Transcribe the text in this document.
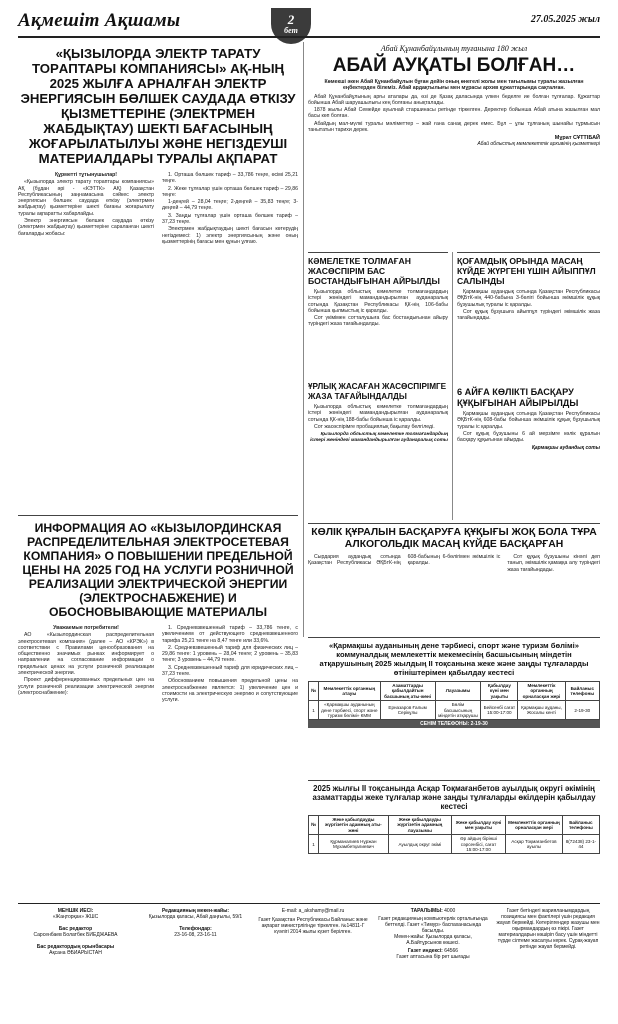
Ақмешіт Ақшамы	27.05.2025 жыл
2
бет
«ҚЫЗЫЛОРДА ЭЛЕКТР ТАРАТУ ТОРAПТАРЫ КОМПАНИЯСЫ» АҚ-НЫҢ 2025 ЖЫЛҒА АРНАЛҒАН ЭЛЕКТР ЭНЕРГИЯСЫН БӨЛШЕК САУДАДА ӨТКІЗУ ҚЫЗМЕТТЕРІНЕ (ЭЛЕКТРМЕН ЖАБДЫҚТАУ) ШЕКТІ БАҒАСЫНЫҢ ЖОҒАРЫЛАТЫЛУЫ ЖӘНЕ НЕГІЗДЕУШІ МАТЕРИАЛДАРЫ ТУРАЛЫ АҚПАРАТ

Құрметті тұтынушылар!

«Қызылорда электр тарату торaптары компаниясы» АҚ (бұдан әрі - «КЭТТК» АҚ) Қазақстан Республикасының заңнамасына сәйкес электр энергиясын бөлшек саудада өткізу (электрмен жабдықтау) қызметтеріне шекті бағаны жоғарылату туралы ақпаратты хабарлайды.

Электр энергиясын бөлшек саудада өткізу (электрмен жабдықтау) қызметтеріне сараланған шекті бағаларды жобасы:

1. Орташа бөлшек тариф – 33,786 теңге, өсімі 25,21 теңге.

2. Жеке тұлғалар үшін орташа бөлшек тариф – 29,86 теңге:

1-деңгей – 28,04 теңге; 2-деңгей – 35,83 теңге; 3-деңгей – 44,79 теңге.

3. Заңды тұлғалар үшін орташа бөлшек тариф – 37,23 теңге.

Электрмен жабдықтаудың шекті бағасын көтерудің негіздемесі: 1) электр энергиясының және оның қызметтерінің бағасы мен құнын ұлғаю.

ИНФОРМАЦИЯ АО «КЫЗЫЛОРДИНСКАЯ РАСПРЕДЕЛИТЕЛЬНАЯ ЭЛЕКТРОСЕТЕВАЯ КОМПАНИЯ» О ПОВЫШЕНИИ ПРЕДЕЛЬНОЙ ЦЕНЫ НА 2025 ГОД НА УСЛУГИ РОЗНИЧНОЙ РЕАЛИЗАЦИИ ЭЛЕКТРИЧЕСКОЙ ЭНЕРГИИ (ЭЛЕКТРОСНАБЖЕНИЕ) И ОБОСНОВЫВАЮЩИЕ МАТЕРИАЛЫ

Уважаемые потребители!

АО «Кызылординская распределительная электросетевая компания» (далее – АО «КРЭК») в соответствии с Правилами ценообразования на общественно значимых рынках информирует о направлении на согласование информации о предельных ценах на услуги розничной реализации электрической энергии.

Проект дифференцированных предельных цен на услуги розничной реализации электрической энергии (электроснабжение):

1. Средневзвешенный тариф – 33,786 тенге, с увеличением от действующего средневзвешенного тарифа 25,21 тенге на 8,47 тенге или 33,6%.

2. Средневзвешенный тариф для физических лиц – 29,86 тенге: 1 уровень – 28,04 тенге; 2 уровень – 35,83 тенге; 3 уровень – 44,79 тенге.

3. Средневзвешенный тариф для юридических лиц – 37,23 тенге.

Обоснованием повышения предельной цены на электроснабжение является: 1) увеличение цен и стоимости на электрическую энергию и сопутствующие услуги.

Абай Құнанбайұлының туғанына 180 жыл
АБАЙ АУҚАТЫ БОЛҒАН…
Көмекші әкен Абай Құнанбайұлын бұған дейін оның өнегелі жолы мен тағылымы туралы жазылған еңбектерден білеміз. Абай ардақтылығы мен мұрасы архив құжаттарында сақталған.

Абай Құнанбайұлының арғы аталары да, өзі де Қазақ даласында үлкен беделге ие болған тұлғалар. Құжаттар бойынша Абай шаруашылығы кең болғаны анықталады.

1878 жылы Абай Семейде ауылнай старшинасы ретінде тіркелген. Деректер бойынша Абай атына жазылған мал басы көп болған.

Абайдың мал-мүлкі туралы мәліметтер – жай ғана санақ дерек емес. Бұл – ұлы тұлғаның шынайы тұрмысын танытатын тарихи дерек.

Мұрат СҰТТІБАЙ
Абай облыстық мемлекеттік архивінің қызметкері
КӘМЕЛЕТКЕ ТОЛМАҒАН ЖАСӨСПІРІМ БАС БОСТАНДЫҒЫНАН АЙРЫЛДЫ

Қызылорда облыстық кәмелетке толмағандардың істері жөніндегі мамандандырылған ауданаралық сотында Қазақстан Республикасы ҚК-нің 106-бабы бойынша қылмыстық іс қаралды.

Сот үкімімен сотталушыға бас бостандығынан айыру түріндегі жаза тағайындалды.

ҰРЛЫҚ ЖАСАҒАН ЖАСӨСПІРІМГЕ ЖАЗА ТАҒАЙЫНДАЛДЫ

Қызылорда облыстық кәмелетке толмағандардың істері жөніндегі мамандандырылған ауданаралық сотында ҚК-нің 188-бабы бойынша іс қаралды.

Сот жасөспірімге пробациялық бақылау белгіледі.

Қызылорда облыстық кәмелетке толмағандардың істері жөніндегі мамандандырылған ауданаралық соты
ҚОҒАМДЫҚ ОРЫНДА МАСАҢ КҮЙДЕ ЖҮРГЕНІ ҮШІН АЙЫППҰЛ САЛЫНДЫ

Қармақшы аудандық сотында Қазақстан Республикасы ӘҚБтК-нің 440-бабына 3-бөлігі бойынша әкімшілік құқық бұзушылық туралы іс қаралды.

Сот құқық бұзушыға айыппұл түріндегі әкімшілік жаза тағайындады.

6 АЙҒА КӨЛІКТІ БАСҚАРУ ҚҰҚЫҒЫНАН АЙЫРЫЛДЫ

Қармақшы аудандық сотында Қазақстан Республикасы ӘҚБтК-нің 608-бабы бойынша әкімшілік құқық бұзушылық туралы іс қаралды.

Сот құқық бұзушыны 6 ай мерзімге көлік құралын басқару құқығынан айырды.

Қармақшы аудандық соты
КӨЛІК ҚҰРАЛЫН БАСҚАРУҒА ҚҰҚЫҒЫ ЖОҚ БОЛА ТҰРА АЛКОГОЛЬДІК МАСАҢ КҮЙДЕ БАСҚАРҒАН

Сырдария аудандық сотында Қазақстан Республикасы ӘҚБтК-нің 608-бабының 6-бөлігімен әкімшілік іс қаралды.

Сот құқық бұзушыны кінәлі деп танып, әкімшілік қамаққа алу түріндегі жаза тағайындады.

«Қармақшы ауданының дене тәрбиесі, спорт және туризм бөлімі» коммуналдық мемлекеттік мекемесінің басшысының міндетін атқарушының 2025 жылдың II тоқсанына жеке және заңды тұлғаларды өтініштерімен қабылдау кестесі
№	Мемлекеттік органның атауы	Азаматтарды қабылдайтын басшының аты-жөні	Лауазымы	Қабылдау күні мен уақыты	Мемлекеттік органның орналасқан жері	Байланыс телефоны
1	«Қармақшы ауданының дене тәрбиесі, спорт және туризм бөлімі» КММ	Ерназаров Ғалым Серікұлы	Бөлім басшысының міндетін атқарушы	Бейсенбі сағат 15:00-17:00	Қармақшы ауданы, Жосалы кенті	2-19-30
СЕНІМ ТЕЛЕФОНЫ: 2-19-30
2025 жылғы II тоқсанында Асқар Тоқмағанбетов ауылдық округі әкімінің азаматтарды жеке тұлғалар және заңды тұлғаларды өкілдерін қабылдау кестесі
№	Жеке қабылдауды жүргізетін адамның аты-жөні	Жеке қабылдауды жүргізетін адамның лауазымы	Жеке қабылдау күні мен уақыты	Мемлекеттік органның орналасқан жері	Байланыс телефоны
1	Құрманалиев Нұржан Мұхамбетқалиевич	Ауылдық округ әкімі	Әр айдың бірінші сәрсенбісі, сағат 15:00-17:00	Асқар Тоқмағанбетов ауылы	8(72438) 23-1-44
МЕНШІК ИЕСІ:
«Жаңторқан» ЖШС
Бас редактор
Сарсенбаев Болатбек БИЕДЖАЕВА
Бас редактордың орынбасары
Ақсана ӘБИАРЫСТАН
Редакцияның мекен-жайы:
Қызылорда қаласы, Абай даңғылы, 59/1
Телефондар:
23-16-08, 23-16-11
E-mail: a_akshamy@mail.ru
Газет Қазақстан Республикасы Байланыс және ақпарат министрлігінде тіркелген. №14811-Г күәлігі 2014 жылы күзет берілген.
ТАРАЛЫМЫ: 4000
Газет редакцияның компьютерлік орталығында беттелді. Газет «Тимур» баспаханасында басылды.
Мекен-жайы: Қызылорда қаласы, А.Байтұрсынов көшесі.
Газет индексі: 64566
Газет аптасына бір рет шығады
Газет бетіндегі жарияланымдардың позициясы мен фактілері үшін редакция жауап бермейді. Көтерілгендер жазушы мен оқырмандардың өз пікірі. Газет материалдарын көшіріп басу үшін міндетті түрде сілтеме жасалуы керек. Сұрақ-жауап ретінде жауап бермейді.
